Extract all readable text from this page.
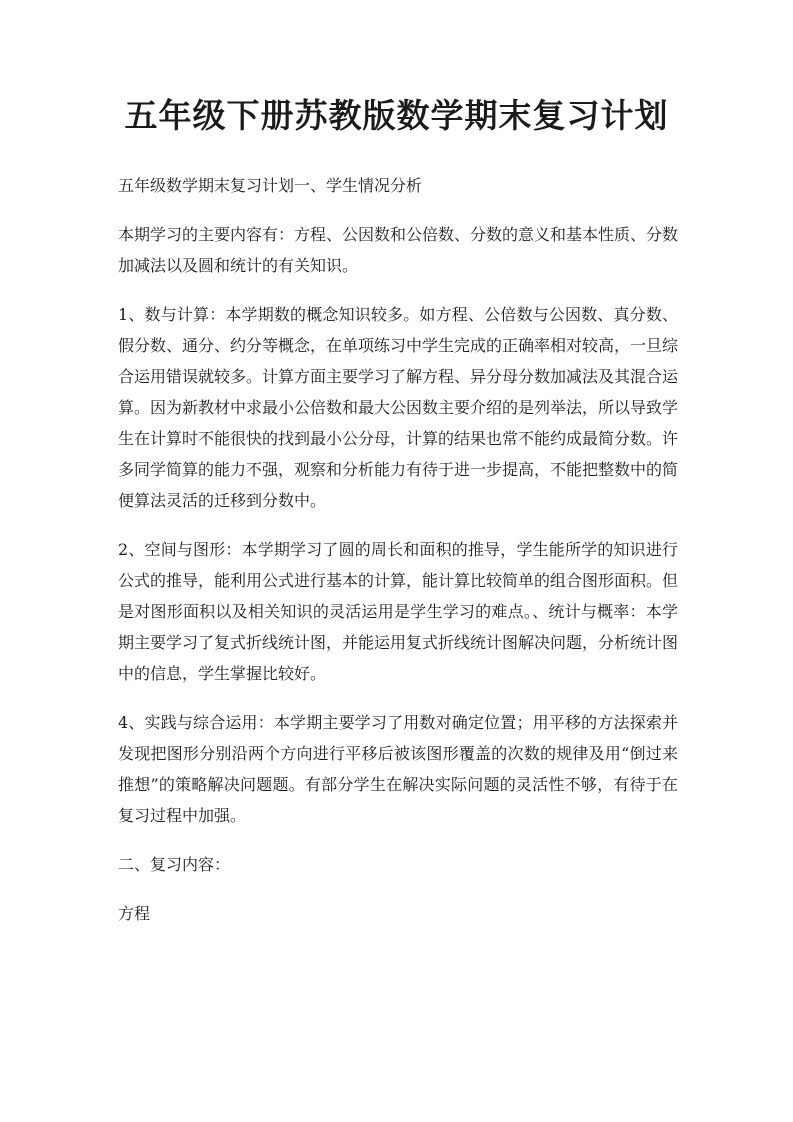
五年级下册苏教版数学期末复习计划

五年级数学期末复习计划一、学生情况分析

本期学习的主要内容有：方程、公因数和公倍数、分数的意义和基本性质、分数加减法以及圆和统计的有关知识。

1、数与计算：本学期数的概念知识较多。如方程、公倍数与公因数、真分数、假分数、通分、约分等概念，在单项练习中学生完成的正确率相对较高，一旦综合运用错误就较多。计算方面主要学习了解方程、异分母分数加减法及其混合运算。因为新教材中求最小公倍数和最大公因数主要介绍的是列举法，所以导致学生在计算时不能很快的找到最小公分母，计算的结果也常不能约成最简分数。许多同学简算的能力不强，观察和分析能力有待于进一步提高，不能把整数中的简便算法灵活的迁移到分数中。

2、空间与图形：本学期学习了圆的周长和面积的推导，学生能所学的知识进行公式的推导，能利用公式进行基本的计算，能计算比较简单的组合图形面积。但是对图形面积以及相关知识的灵活运用是学生学习的难点。、统计与概率：本学期主要学习了复式折线统计图，并能运用复式折线统计图解决问题，分析统计图中的信息，学生掌握比较好。

4、实践与综合运用：本学期主要学习了用数对确定位置；用平移的方法探索并发现把图形分别沿两个方向进行平移后被该图形覆盖的次数的规律及用“倒过来推想”的策略解决问题题。有部分学生在解决实际问题的灵活性不够，有待于在复习过程中加强。

二、复习内容：

方程
